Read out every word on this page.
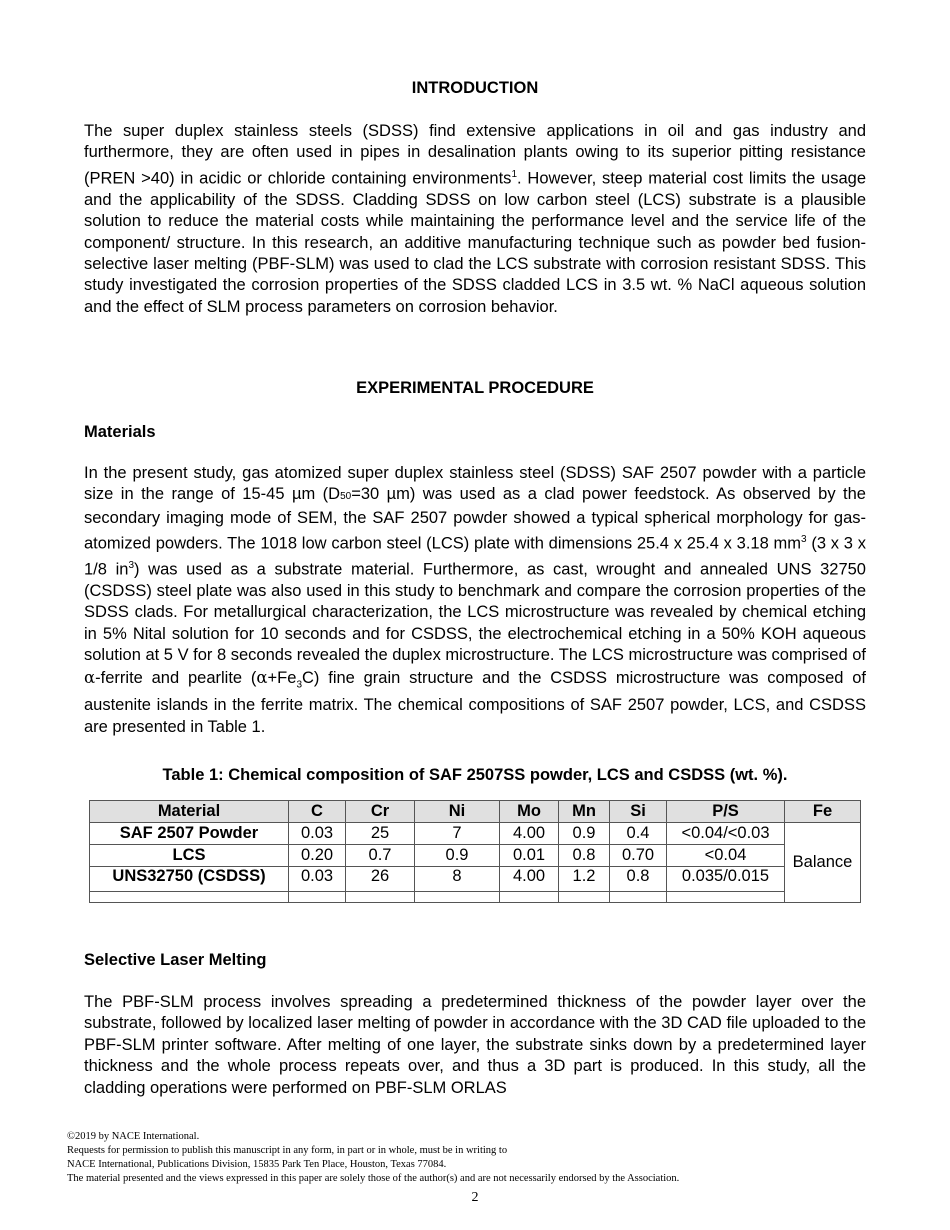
INTRODUCTION
The super duplex stainless steels (SDSS) find extensive applications in oil and gas industry and furthermore, they are often used in pipes in desalination plants owing to its superior pitting resistance (PREN >40) in acidic or chloride containing environments$^1$. However, steep material cost limits the usage and the applicability of the SDSS. Cladding SDSS on low carbon steel (LCS) substrate is a plausible solution to reduce the material costs while maintaining the performance level and the service life of the component/ structure. In this research, an additive manufacturing technique such as powder bed fusion- selective laser melting (PBF-SLM) was used to clad the LCS substrate with corrosion resistant SDSS. This study investigated the corrosion properties of the SDSS cladded LCS in 3.5 wt. % NaCl aqueous solution and the effect of SLM process parameters on corrosion behavior.
EXPERIMENTAL PROCEDURE
Materials
In the present study, gas atomized super duplex stainless steel (SDSS) SAF 2507 powder with a particle size in the range of 15-45 µm (D50=30 µm) was used as a clad power feedstock. As observed by the secondary imaging mode of SEM, the SAF 2507 powder showed a typical spherical morphology for gas-atomized powders. The 1018 low carbon steel (LCS) plate with dimensions 25.4 x 25.4 x 3.18 $mm^3$ (3 x 3 x 1/8 $in^3$) was used as a substrate material. Furthermore, as cast, wrought and annealed UNS 32750 (CSDSS) steel plate was also used in this study to benchmark and compare the corrosion properties of the SDSS clads. For metallurgical characterization, the LCS microstructure was revealed by chemical etching in 5% Nital solution for 10 seconds and for CSDSS, the electrochemical etching in a 50% KOH aqueous solution at 5 V for 8 seconds revealed the duplex microstructure. The LCS microstructure was comprised of α-ferrite and pearlite $(\alpha+Fe_3C)$ fine grain structure and the CSDSS microstructure was composed of austenite islands in the ferrite matrix. The chemical compositions of SAF 2507 powder, LCS, and CSDSS are presented in Table 1.
Table 1: Chemical composition of SAF 2507SS powder, LCS and CSDSS (wt. %).
Material	C	Cr	Ni	Mo	Mn	Si	P/S	Fe
SAF 2507 Powder	0.03	25	7	4.00	0.9	0.4	<0.04/<0.03	Balance
LCS	0.20	0.7	0.9	0.01	0.8	0.70	<0.04	
UNS32750 (CSDSS)	0.03	26	8	4.00	1.2	0.8	0.035/0.015	

Selective Laser Melting
The PBF-SLM process involves spreading a predetermined thickness of the powder layer over the substrate, followed by localized laser melting of powder in accordance with the 3D CAD file uploaded to the PBF-SLM printer software. After melting of one layer, the substrate sinks down by a predetermined layer thickness and the whole process repeats over, and thus a 3D part is produced. In this study, all the cladding operations were performed on PBF-SLM ORLAS
©2019 by NACE International.
Requests for permission to publish this manuscript in any form, in part or in whole, must be in writing to
NACE International, Publications Division, 15835 Park Ten Place, Houston, Texas 77084.
The material presented and the views expressed in this paper are solely those of the author(s) and are not necessarily endorsed by the Association.
2
